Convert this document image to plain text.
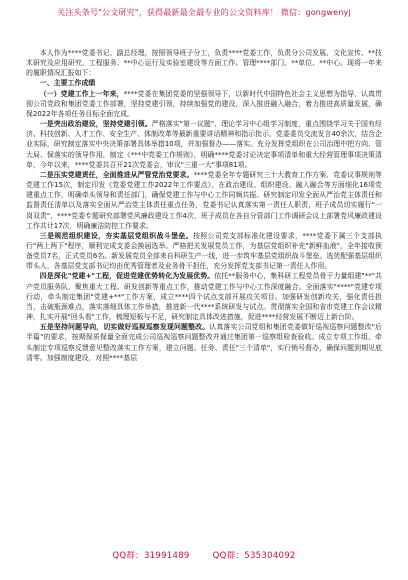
关注头条号"公文研究"，获得最新最全最专业的公文资料库！ 微信：gongwenyj

本人作为****党委书记、副总经理，按照领导班子分工，负责****党委工作，负责分公司发展、文化宣传、**技术研究及应用研究、工程服务、**中心运行及实验室建设等方面工作。管理****部门、**单位、**中心。现将一年来的履职情况汇报如下：

一、主要工作成绩

（一）党建工作上一年来，****党委在集团党委的坚强领导下，以新时代中国特色社会主义思想为指导，认真贯彻公司党政和集团党委工作部署，坚持党建引领，持续加强党的建设，深入推进融入融合，着力推进高质量发展，确保2022年各项任务目标全面完成。

一是突出政治建设，坚持党建引领。严格落实"第一议题"、理论学习中心组学习制度，重点围绕学习关于国有经济、科技创新、人才工作、安全生产、体制改革等最新重要讲话精神和指示批示，党委委员交流发言40余次，结合企业实际，研究制定落实中央决策部署具体举措10项，并加强督办——落实。充分发挥党组织在公司治理中把方向、管大局、保落实的领导作用，制定《***中党委工作规则》，明确****党委讨论决定事项清单和重大经营管理事项决策清单，今年以来，****党委共召开21次党委会，审议"三重一大"事项81项。

二是压实党建责任，全面推进从严管党治党要求。****党委全年专题研究三十大教育工作方案、党委议事规则等党建工作15次，制定印发《党委党建工作2022年工作要点》，在政治建设、组织建设、融入融合等方面细化16项党建重点工作，明确牵头领导和责任部门，确保党建工作与中心工作同频共振。研究制定印发全面从严治党主体责任和监督责任清单以及落实全面从严治党主体责任重点任务，党委书记认真落实第一责任人职责，班子成员切实履行"一岗双责"，****党委专题研究部署党风廉政建设工作4次，班子成员在各自分管部门工作调研会议上部署党风廉政建设工作共计17次，明确廉洁防控工作要求。

三是规范组织建设，夯实基层党组织战斗堡垒。按照公司党支部标准化建设要求，****党委下属三个支部执行"两上两下"程序，顺利完成支委会换届选举。严格把关发展党员工作，为基层党组织补充"新鲜血液"，全年接收预备党员7名，正式党员6名。新发展党员全部来自科研生产一线，进一步筑牢基层党组织战斗堡垒。选优配强基层组织带头人，各基层党支部书记均由优秀管理者及业务骨干担任，充分发挥党支部书记第一责任人作用。

四是深化"党建+"工程，促进党建优势转化为发展优势。依托**服务中心，集科研工程党员骨干力量组建"**"共产党员服务队，聚焦重大工程、研发创新等重点工作，推动党建工作与中心工作深度融合。全面落实"****"党建专项行动，牵头制定集团"党建+**"工作方案，成立****四个试点支部开展攻关项目。加强研发创新攻关，强化责任担当，击破瓶颈难点，落实落细具体工作举措，推进新一代****系统研发与试点。贯彻落实全国和省市党建工作会议精神，扎实开展"回头看"工作，梳理短板与不足，研究制定具体改进措施，促进****经营发展不断迈上新台阶。

五是坚持问题导向，切实做好巡视巡察发现问题整改。认真落实公司党组和集团党委做好巡视巡察问题整改"后半篇"的要求，按期保质保量全面完成公司巡视巡察问题整改并通过集团第一巡察组检查验收。成立专项工作组，牵头制定专项巡察反馈意见整改落实工作方案，建立问题、任务、责任"三个清单"，实行销号督办，确保问题到期见底清零。加强制度建设，对照****基层

QQ群：31991489	QQ群：535304092
